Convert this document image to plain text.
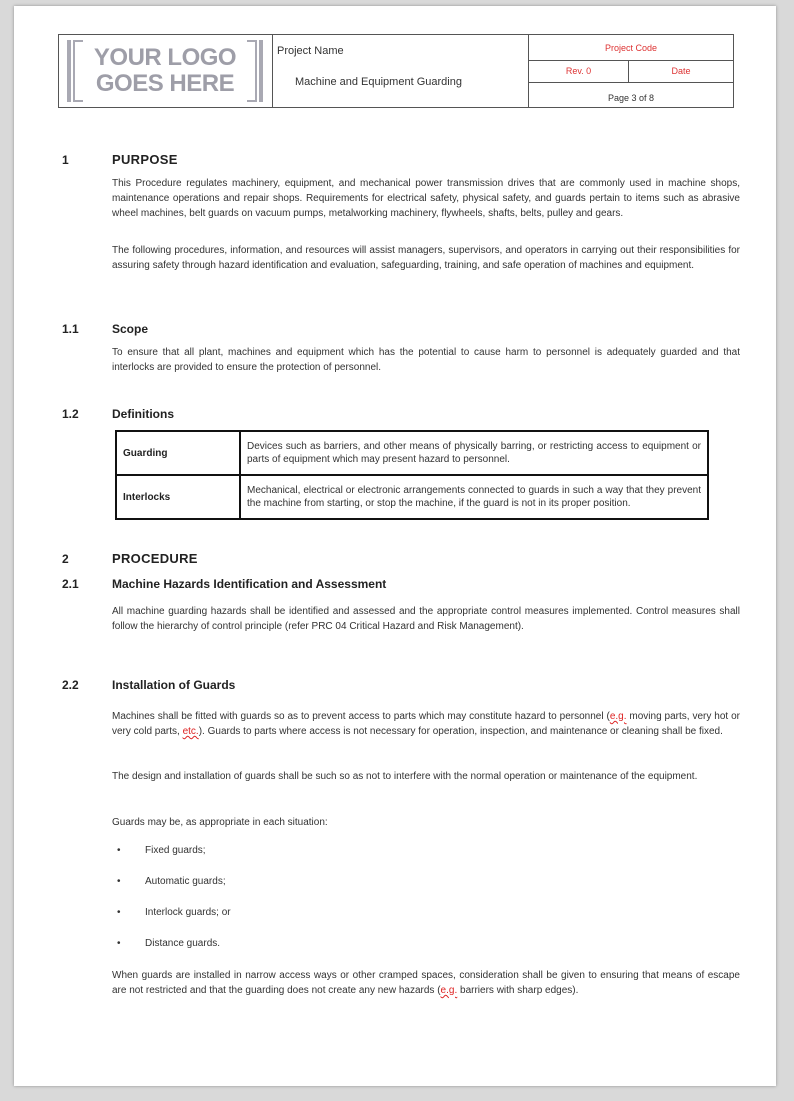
YOUR LOGO
GOES HERE
Project Name
Machine and Equipment Guarding
Project Code
Rev. 0	Date
Page 3 of 8
1	PURPOSE

This Procedure regulates machinery, equipment, and mechanical power transmission drives that are commonly used in machine shops, maintenance operations and repair shops. Requirements for electrical safety, physical safety, and guards pertain to items such as abrasive wheel machines, belt guards on vacuum pumps, metalworking machinery, flywheels, shafts, belts, pulley and gears.

The following procedures, information, and resources will assist managers, supervisors, and operators in carrying out their responsibilities for assuring safety through hazard identification and evaluation, safeguarding, training, and safe operation of machines and equipment.

1.1	Scope

To ensure that all plant, machines and equipment which has the potential to cause harm to personnel is adequately guarded and that interlocks are provided to ensure the protection of personnel.

1.2	Definitions
Guarding	Devices such as barriers, and other means of physically barring, or restricting access to equipment or parts of equipment which may present hazard to personnel.
Interlocks	Mechanical, electrical or electronic arrangements connected to guards in such a way that they prevent the machine from starting, or stop the machine, if the guard is not in its proper position.
2	PROCEDURE
2.1	Machine Hazards Identification and Assessment

All machine guarding hazards shall be identified and assessed and the appropriate control measures implemented. Control measures shall follow the hierarchy of control principle (refer PRC 04 Critical Hazard and Risk Management).

2.2	Installation of Guards

Machines shall be fitted with guards so as to prevent access to parts which may constitute hazard to personnel (e.g. moving parts, very hot or very cold parts, etc.). Guards to parts where access is not necessary for operation, inspection, and maintenance or cleaning shall be fixed.

The design and installation of guards shall be such so as not to interfere with the normal operation or maintenance of the equipment.

Guards may be, as appropriate in each situation:

• Fixed guards;
• Automatic guards;
• Interlock guards; or
• Distance guards.

When guards are installed in narrow access ways or other cramped spaces, consideration shall be given to ensuring that means of escape are not restricted and that the guarding does not create any new hazards (e.g. barriers with sharp edges).
